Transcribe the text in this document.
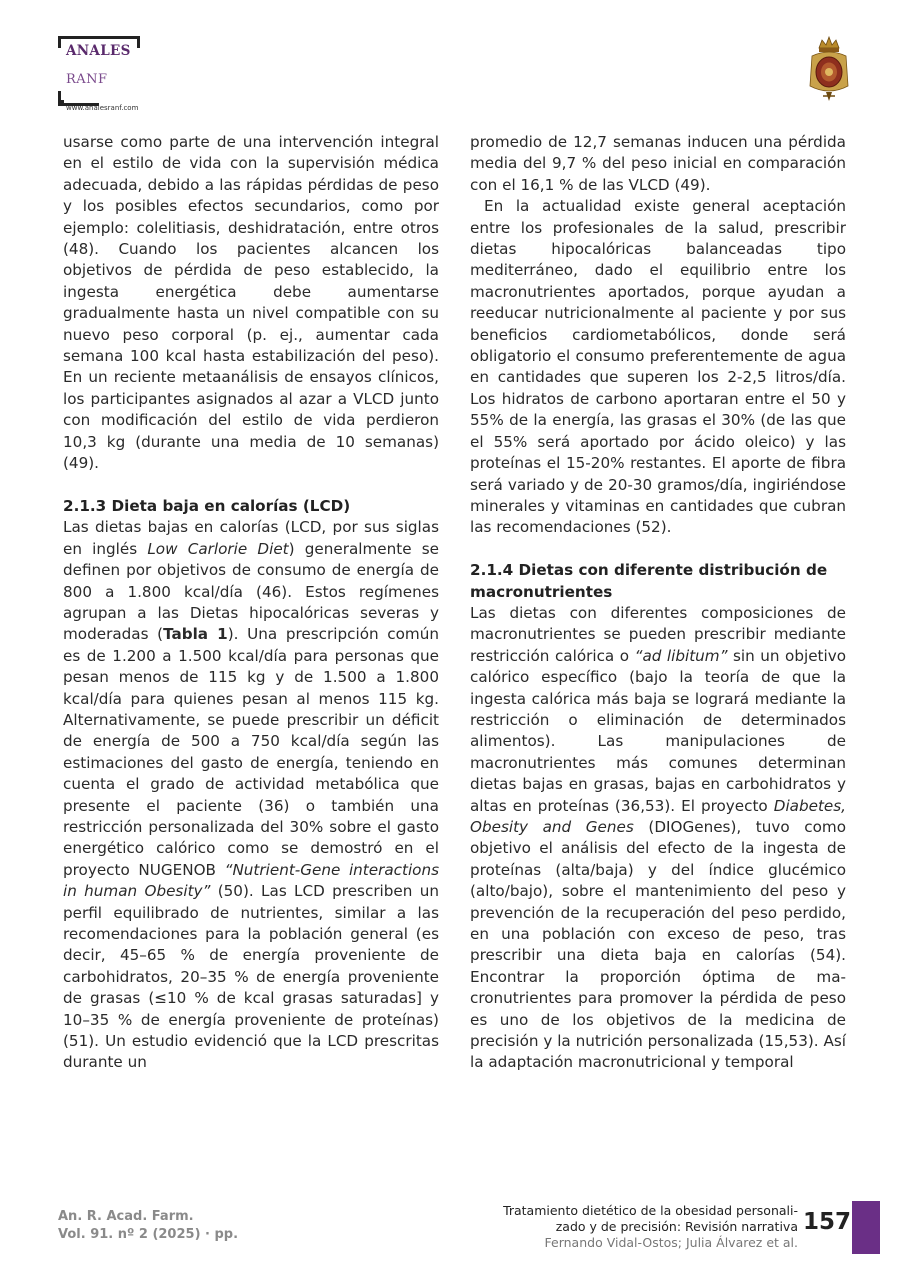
ANALES
RANF
www.analesranf.com

usarse como parte de una intervención integral en el estilo de vida con la supervisión médica adecuada, debido a las rápidas pérdidas de peso y los posibles efectos secundarios, como por ejemplo: colelitiasis, deshidratación, entre otros (48). Cuando los pacientes alcancen los objetivos de pérdida de peso establecido, la ingesta energética debe aumentarse gradualmente hasta un nivel compatible con su nuevo peso corporal (p. ej., aumentar cada semana 100 kcal hasta estabilización del peso). En un reciente metaanálisis de ensayos clínicos, los participantes asignados al azar a VLCD junto con modificación del estilo de vida perdieron 10,3 kg (durante una media de 10 semanas) (49).

2.1.3 Dieta baja en calorías (LCD)

Las dietas bajas en calorías (LCD, por sus siglas en inglés Low Carlorie Diet) generalmente se definen por objetivos de consumo de energía de 800 a 1.800 kcal/día (46). Estos regímenes agrupan a las Dietas hipocalóricas severas y moderadas (Tabla 1). Una prescripción común es de 1.200 a 1.500 kcal/día para personas que pesan menos de 115 kg y de 1.500 a 1.800 kcal/día para quienes pesan al menos 115 kg. Alternativamente, se puede prescribir un déficit de energía de 500 a 750 kcal/día según las estimaciones del gasto de energía, teniendo en cuenta el grado de actividad metabólica que presente el paciente (36) o también una restricción personalizada del 30% sobre el gasto energético calórico como se demostró en el proyecto NUGENOB “Nutrient-Gene interactions in human Obesity” (50). Las LCD prescriben un perfil equilibrado de nutrientes, similar a las recomendaciones para la población general (es decir, 45–65 % de energía proveniente de carbohidratos, 20–35 % de energía proveniente de grasas (≤10 % de kcal grasas saturadas] y 10–35 % de energía proveniente de proteínas) (51). Un estudio evidenció que la LCD prescritas durante un

promedio de 12,7 semanas inducen una pérdida media del 9,7 % del peso inicial en comparación con el 16,1 % de las VLCD (49).

En la actualidad existe general aceptación entre los profesionales de la salud, prescribir dietas hipocalóricas balanceadas tipo mediterráneo, dado el equilibrio entre los macronutrientes aportados, porque ayudan a reeducar nutricionalmente al paciente y por sus beneficios cardiometabólicos, donde será obligatorio el consumo preferentemente de agua en cantidades que superen los 2-2,5 litros/día. Los hidratos de carbono aportaran entre el 50 y 55% de la energía, las grasas el 30% (de las que el 55% será aportado por ácido oleico) y las proteínas el 15-20% restantes. El aporte de fibra será variado y de 20-30 gramos/día, ingiriéndose minerales y vitaminas en cantidades que cubran las recomendaciones (52).

2.1.4 Dietas con diferente distribución de macronutrientes

Las dietas con diferentes composiciones de macronutrientes se pueden prescribir mediante restricción calórica o “ad libitum” sin un objetivo calórico específico (bajo la teoría de que la ingesta calórica más baja se logrará mediante la restricción o eliminación de determinados alimentos). Las manipulaciones de macronutrientes más comunes determinan dietas bajas en grasas, bajas en carbohidratos y altas en proteínas (36,53). El proyecto Diabetes, Obesity and Genes (DIOGenes), tuvo como objetivo el análisis del efecto de la ingesta de proteínas (alta/baja) y del índice glucémico (alto/bajo), sobre el mantenimiento del peso y prevención de la recuperación del peso perdido, en una población con exceso de peso, tras prescribir una dieta baja en calorías (54). Encontrar la proporción óptima de macronutrientes para promover la pérdida de peso es uno de los objetivos de la medicina de precisión y la nutrición personalizada (15,53). Así la adaptación macronutricional y temporal

An. R. Acad. Farm.
Vol. 91. nº 2 (2025) · pp.
Tratamiento dietético de la obesidad personali-
zado y de precisión: Revisión narrativa
Fernando Vidal-Ostos; Julia Álvarez et al.
157
